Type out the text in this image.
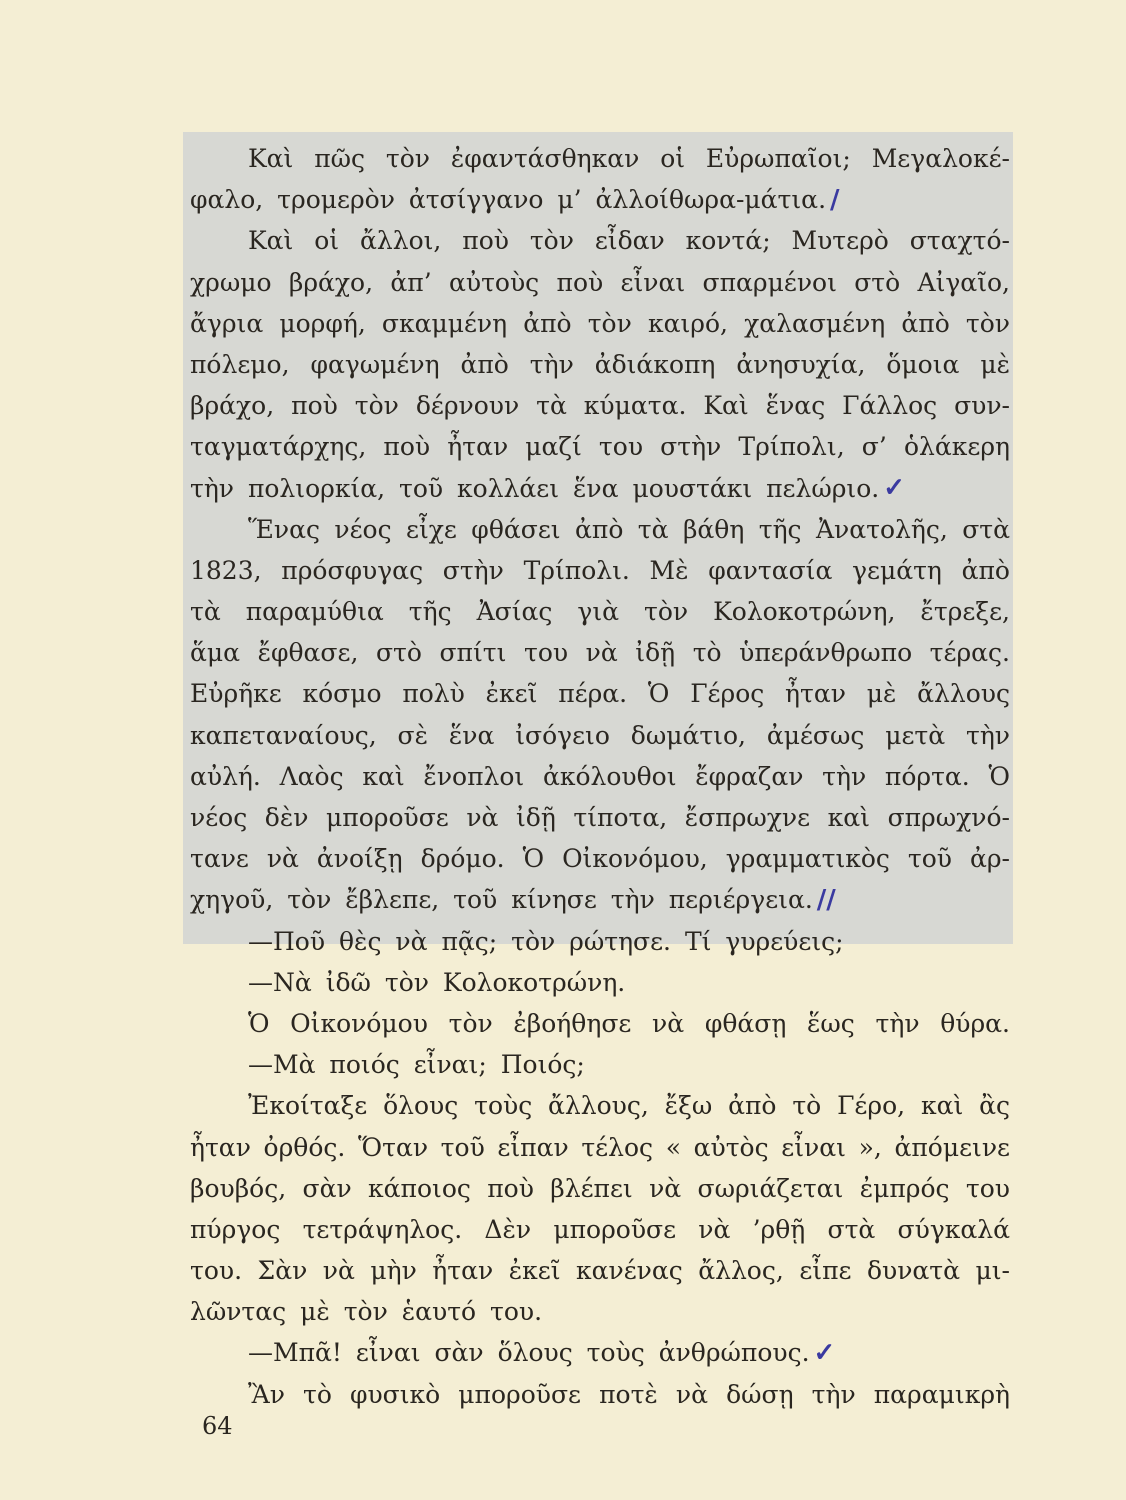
Καὶ πῶς τὸν ἐφαντάσθηκαν οἱ Εὐρωπαῖοι; Μεγαλοκέ-
φαλο, τρομερὸν ἀτσίγγανο μ’ ἀλλοίθωρα-μάτια. /
Καὶ οἱ ἄλλοι, ποὺ τὸν εἶδαν κοντά; Μυτερὸ σταχτό-
χρωμο βράχο, ἀπ’ αὐτοὺς ποὺ εἶναι σπαρμένοι στὸ Αἰγαῖο,
ἄγρια μορφή, σκαμμένη ἀπὸ τὸν καιρό, χαλασμένη ἀπὸ τὸν
πόλεμο, φαγωμένη ἀπὸ τὴν ἀδιάκοπη ἀνησυχία, ὅμοια μὲ
βράχο, ποὺ τὸν δέρνουν τὰ κύματα. Καὶ ἕνας Γάλλος συν-
ταγματάρχης, ποὺ ἦταν μαζί του στὴν Τρίπολι, σ’ ὁλάκερη
τὴν πολιορκία, τοῦ κολλάει ἕνα μουστάκι πελώριο. ✓
Ἕνας νέος εἶχε φθάσει ἀπὸ τὰ βάθη τῆς Ἀνατολῆς, στὰ
1823, πρόσφυγας στὴν Τρίπολι. Μὲ φαντασία γεμάτη ἀπὸ
τὰ παραμύθια τῆς Ἀσίας γιὰ τὸν Κολοκοτρώνη, ἔτρεξε,
ἅμα ἔφθασε, στὸ σπίτι του νὰ ἰδῇ τὸ ὑπεράνθρωπο τέρας.
Εὐρῆκε κόσμο πολὺ ἐκεῖ πέρα. Ὁ Γέρος ἦταν μὲ ἄλλους
καπεταναίους, σὲ ἕνα ἰσόγειο δωμάτιο, ἀμέσως μετὰ τὴν
αὐλή. Λαὸς καὶ ἔνοπλοι ἀκόλουθοι ἔφραζαν τὴν πόρτα. Ὁ
νέος δὲν μποροῦσε νὰ ἰδῇ τίποτα, ἔσπρωχνε καὶ σπρωχνό-
τανε νὰ ἀνοίξῃ δρόμο. Ὁ Οἰκονόμου, γραμματικὸς τοῦ ἀρ-
χηγοῦ, τὸν ἔβλεπε, τοῦ κίνησε τὴν περιέργεια. //
—Ποῦ θὲς νὰ πᾷς; τὸν ρώτησε. Τί γυρεύεις;
—Νὰ ἰδῶ τὸν Κολοκοτρώνη.
Ὁ Οἰκονόμου τὸν ἐβοήθησε νὰ φθάσῃ ἕως τὴν θύρα.
—Μὰ ποιός εἶναι; Ποιός;
Ἐκοίταξε ὅλους τοὺς ἄλλους, ἔξω ἀπὸ τὸ Γέρο, καὶ ἂς
ἦταν ὀρθός. Ὅταν τοῦ εἶπαν τέλος « αὐτὸς εἶναι », ἀπόμεινε
βουβός, σὰν κάποιος ποὺ βλέπει νὰ σωριάζεται ἐμπρός του
πύργος τετράψηλος. Δὲν μποροῦσε νὰ ’ρθῇ στὰ σύγκαλά
του. Σὰν νὰ μὴν ἦταν ἐκεῖ κανένας ἄλλος, εἶπε δυνατὰ μι-
λῶντας μὲ τὸν ἑαυτό του.
—Μπᾶ! εἶναι σὰν ὅλους τοὺς ἀνθρώπους. ✓
Ἂν τὸ φυσικὸ μποροῦσε ποτὲ νὰ δώσῃ τὴν παραμικρὴ
64
